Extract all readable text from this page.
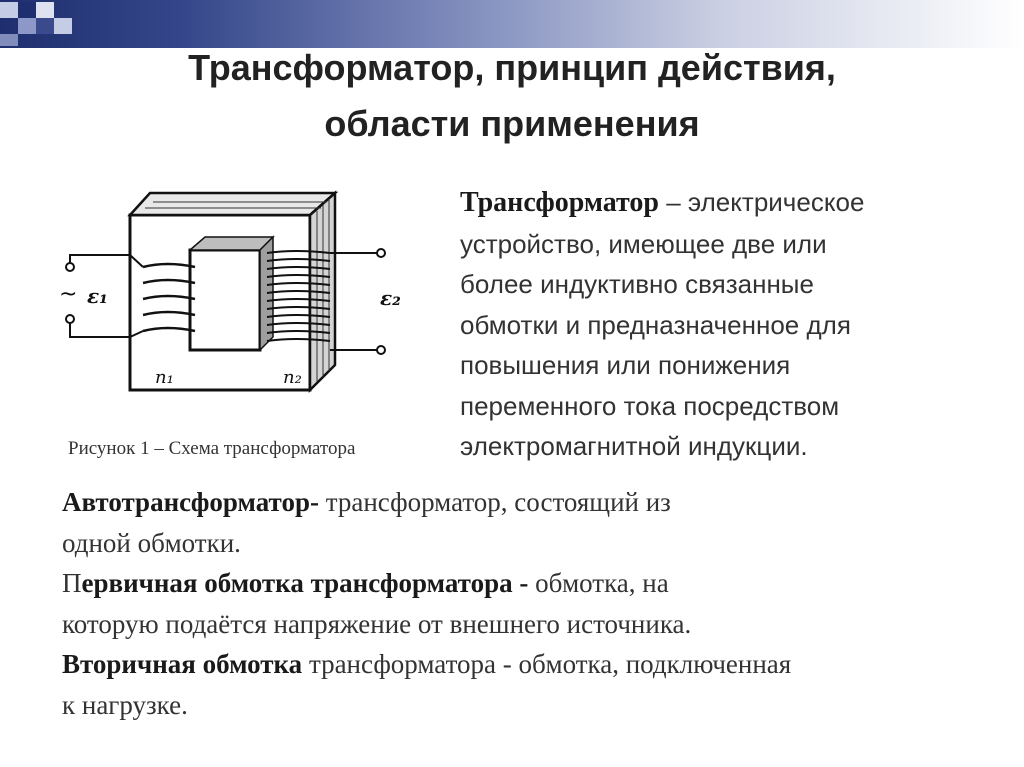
Трансформатор, принцип действия,
области применения
~ ε₁	ε₂
n₁	n₂
Рисунок 1 – Схема трансформатора
Трансформатор – электрическое
устройство, имеющее две или
более индуктивно связанные
обмотки и предназначенное для
повышения или понижения
переменного тока посредством
электромагнитной индукции.
Автотрансформатор- трансформатор, состоящий из
одной обмотки.
Первичная обмотка трансформатора - обмотка, на
которую подаётся напряжение от внешнего источника.
Вторичная обмотка трансформатора - обмотка, подключенная
к нагрузке.
